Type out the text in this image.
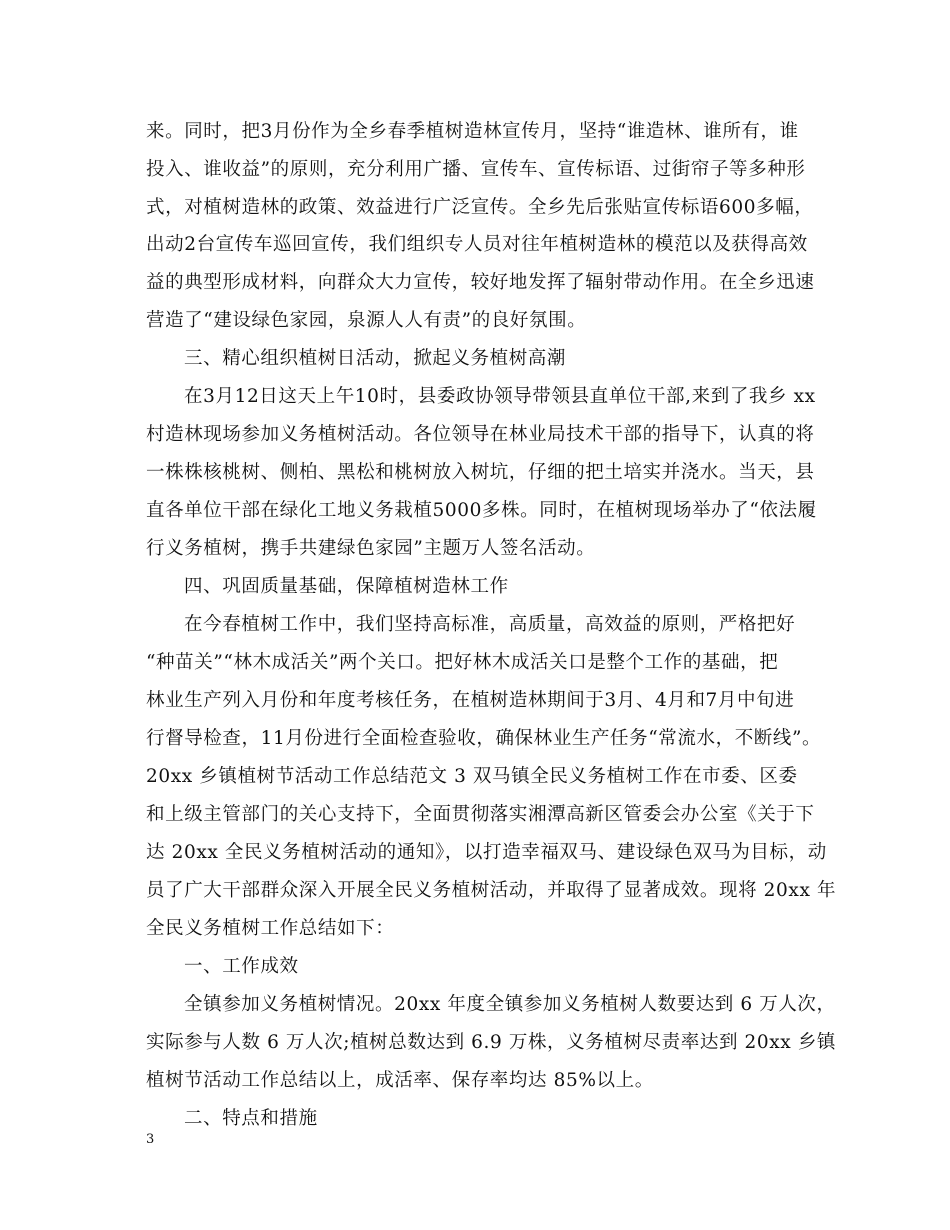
来。同时，把3月份作为全乡春季植树造林宣传月，坚持“谁造林、谁所有，谁
投入、谁收益”的原则，充分利用广播、宣传车、宣传标语、过街帘子等多种形
式，对植树造林的政策、效益进行广泛宣传。全乡先后张贴宣传标语600多幅，
出动2台宣传车巡回宣传，我们组织专人员对往年植树造林的模范以及获得高效
益的典型形成材料，向群众大力宣传，较好地发挥了辐射带动作用。在全乡迅速
营造了“建设绿色家园，泉源人人有责”的良好氛围。
三、精心组织植树日活动，掀起义务植树高潮
在3月12日这天上午10时，县委政协领导带领县直单位干部,来到了我乡 xx
村造林现场参加义务植树活动。各位领导在林业局技术干部的指导下，认真的将
一株株核桃树、侧柏、黑松和桃树放入树坑，仔细的把土培实并浇水。当天，县
直各单位干部在绿化工地义务栽植5000多株。同时，在植树现场举办了“依法履
行义务植树，携手共建绿色家园”主题万人签名活动。
四、巩固质量基础，保障植树造林工作
在今春植树工作中，我们坚持高标准，高质量，高效益的原则，严格把好
“种苗关”“林木成活关”两个关口。把好林木成活关口是整个工作的基础，把
林业生产列入月份和年度考核任务，在植树造林期间于3月、4月和7月中旬进
行督导检查，11月份进行全面检查验收，确保林业生产任务“常流水，不断线”。
20xx 乡镇植树节活动工作总结范文 3 双马镇全民义务植树工作在市委、区委
和上级主管部门的关心支持下，全面贯彻落实湘潭高新区管委会办公室《关于下
达 20xx 全民义务植树活动的通知》，以打造幸福双马、建设绿色双马为目标，动
员了广大干部群众深入开展全民义务植树活动，并取得了显著成效。现将 20xx 年
全民义务植树工作总结如下：
一、工作成效
全镇参加义务植树情况。20xx 年度全镇参加义务植树人数要达到 6 万人次，
实际参与人数 6 万人次;植树总数达到 6.9 万株，义务植树尽责率达到 20xx 乡镇
植树节活动工作总结以上，成活率、保存率均达 85%以上。
二、特点和措施
3
